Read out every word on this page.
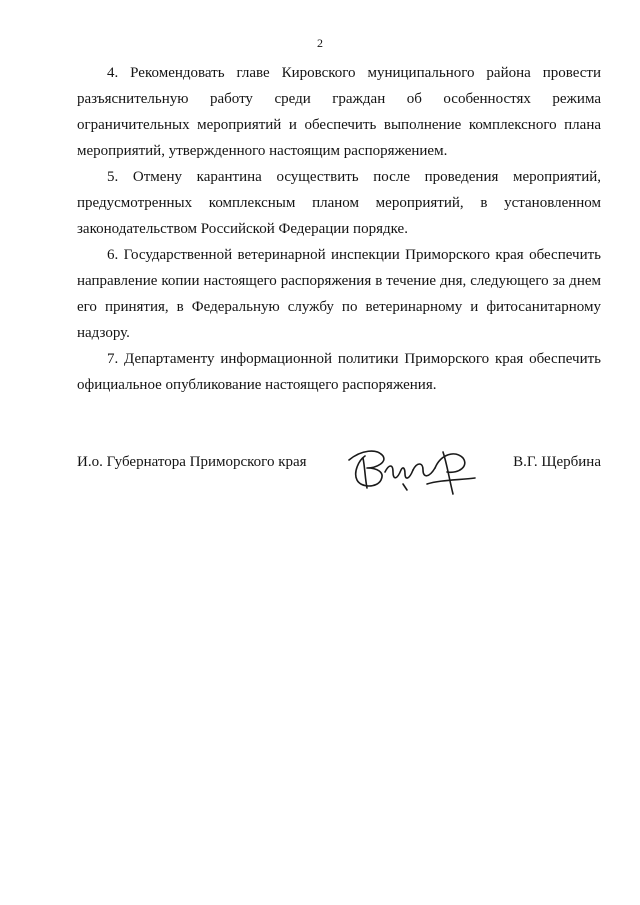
2

4. Рекомендовать главе Кировского муниципального района провести разъяснительную работу среди граждан об особенностях режима ограничительных мероприятий и обеспечить выполнение комплексного плана мероприятий, утвержденного настоящим распоряжением.

5. Отмену карантина осуществить после проведения мероприятий, предусмотренных комплексным планом мероприятий, в установленном законодательством Российской Федерации порядке.

6. Государственной ветеринарной инспекции Приморского края обеспечить направление копии настоящего распоряжения в течение дня, следующего за днем его принятия, в Федеральную службу по ветеринарному и фитосанитарному надзору.

7. Департаменту информационной политики Приморского края обеспечить официальное опубликование настоящего распоряжения.

И.о. Губернатора Приморского края	В.Г. Щербина
